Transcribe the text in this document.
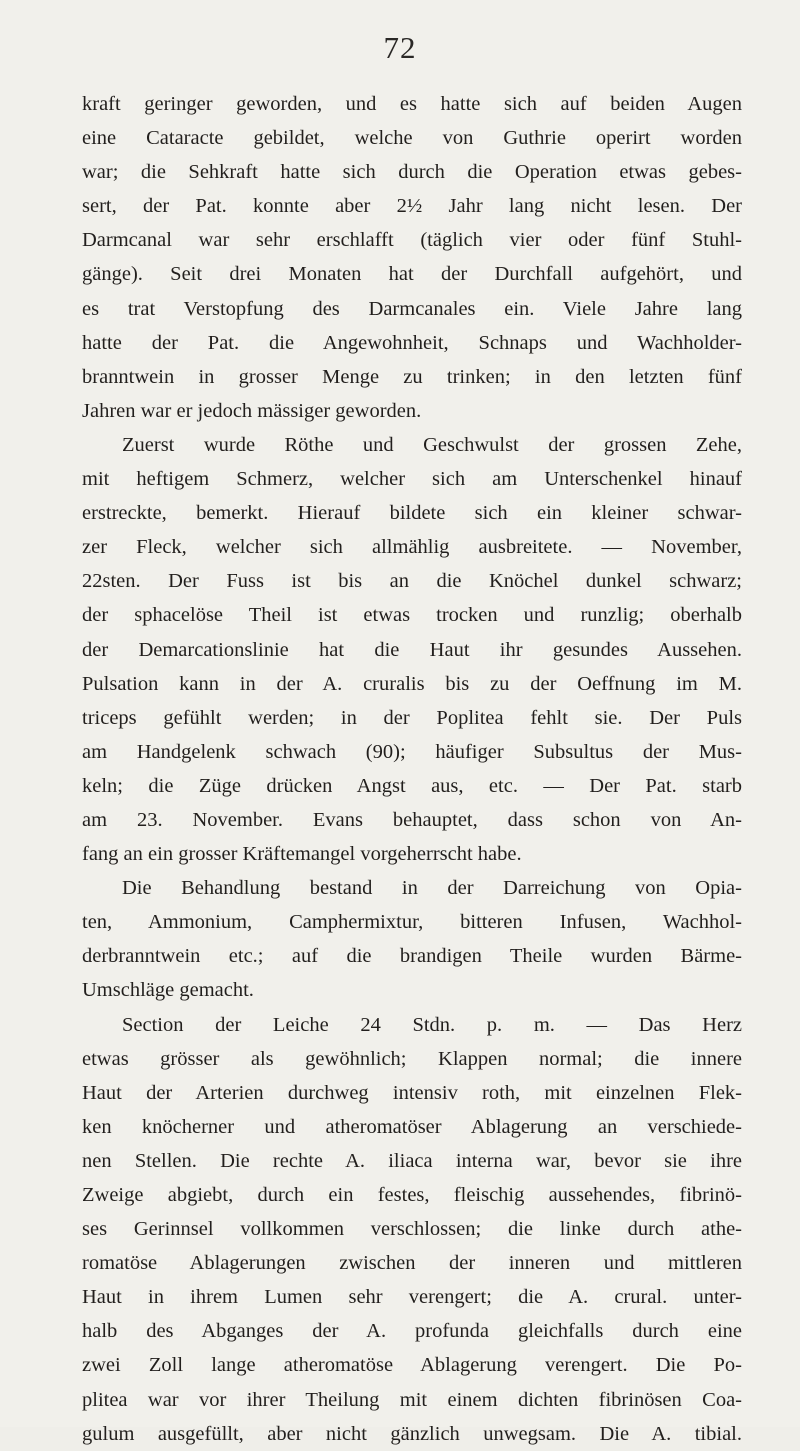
72
kraft geringer geworden, und es hatte sich auf beiden Augen
eine Cataracte gebildet, welche von Guthrie operirt worden
war; die Sehkraft hatte sich durch die Operation etwas gebes-
sert, der Pat. konnte aber 2½ Jahr lang nicht lesen. Der
Darmcanal war sehr erschlafft (täglich vier oder fünf Stuhl-
gänge). Seit drei Monaten hat der Durchfall aufgehört, und
es trat Verstopfung des Darmcanales ein. Viele Jahre lang
hatte der Pat. die Angewohnheit, Schnaps und Wachholder-
branntwein in grosser Menge zu trinken; in den letzten fünf
Jahren war er jedoch mässiger geworden.
Zuerst wurde Röthe und Geschwulst der grossen Zehe,
mit heftigem Schmerz, welcher sich am Unterschenkel hinauf
erstreckte, bemerkt. Hierauf bildete sich ein kleiner schwar-
zer Fleck, welcher sich allmählig ausbreitete. — November,
22sten. Der Fuss ist bis an die Knöchel dunkel schwarz;
der sphacelöse Theil ist etwas trocken und runzlig; oberhalb
der Demarcationslinie hat die Haut ihr gesundes Aussehen.
Pulsation kann in der A. cruralis bis zu der Oeffnung im M.
triceps gefühlt werden; in der Poplitea fehlt sie. Der Puls
am Handgelenk schwach (90); häufiger Subsultus der Mus-
keln; die Züge drücken Angst aus, etc. — Der Pat. starb
am 23. November. Evans behauptet, dass schon von An-
fang an ein grosser Kräftemangel vorgeherrscht habe.
Die Behandlung bestand in der Darreichung von Opia-
ten, Ammonium, Camphermixtur, bitteren Infusen, Wachhol-
derbranntwein etc.; auf die brandigen Theile wurden Bärme-
Umschläge gemacht.
Section der Leiche 24 Stdn. p. m. — Das Herz
etwas grösser als gewöhnlich; Klappen normal; die innere
Haut der Arterien durchweg intensiv roth, mit einzelnen Flek-
ken knöcherner und atheromatöser Ablagerung an verschiede-
nen Stellen. Die rechte A. iliaca interna war, bevor sie ihre
Zweige abgiebt, durch ein festes, fleischig aussehendes, fibrinö-
ses Gerinnsel vollkommen verschlossen; die linke durch athe-
romatöse Ablagerungen zwischen der inneren und mittleren
Haut in ihrem Lumen sehr verengert; die A. crural. unter-
halb des Abganges der A. profunda gleichfalls durch eine
zwei Zoll lange atheromatöse Ablagerung verengert. Die Po-
plitea war vor ihrer Theilung mit einem dichten fibrinösen Coa-
gulum ausgefüllt, aber nicht gänzlich unwegsam. Die A. tibial.
